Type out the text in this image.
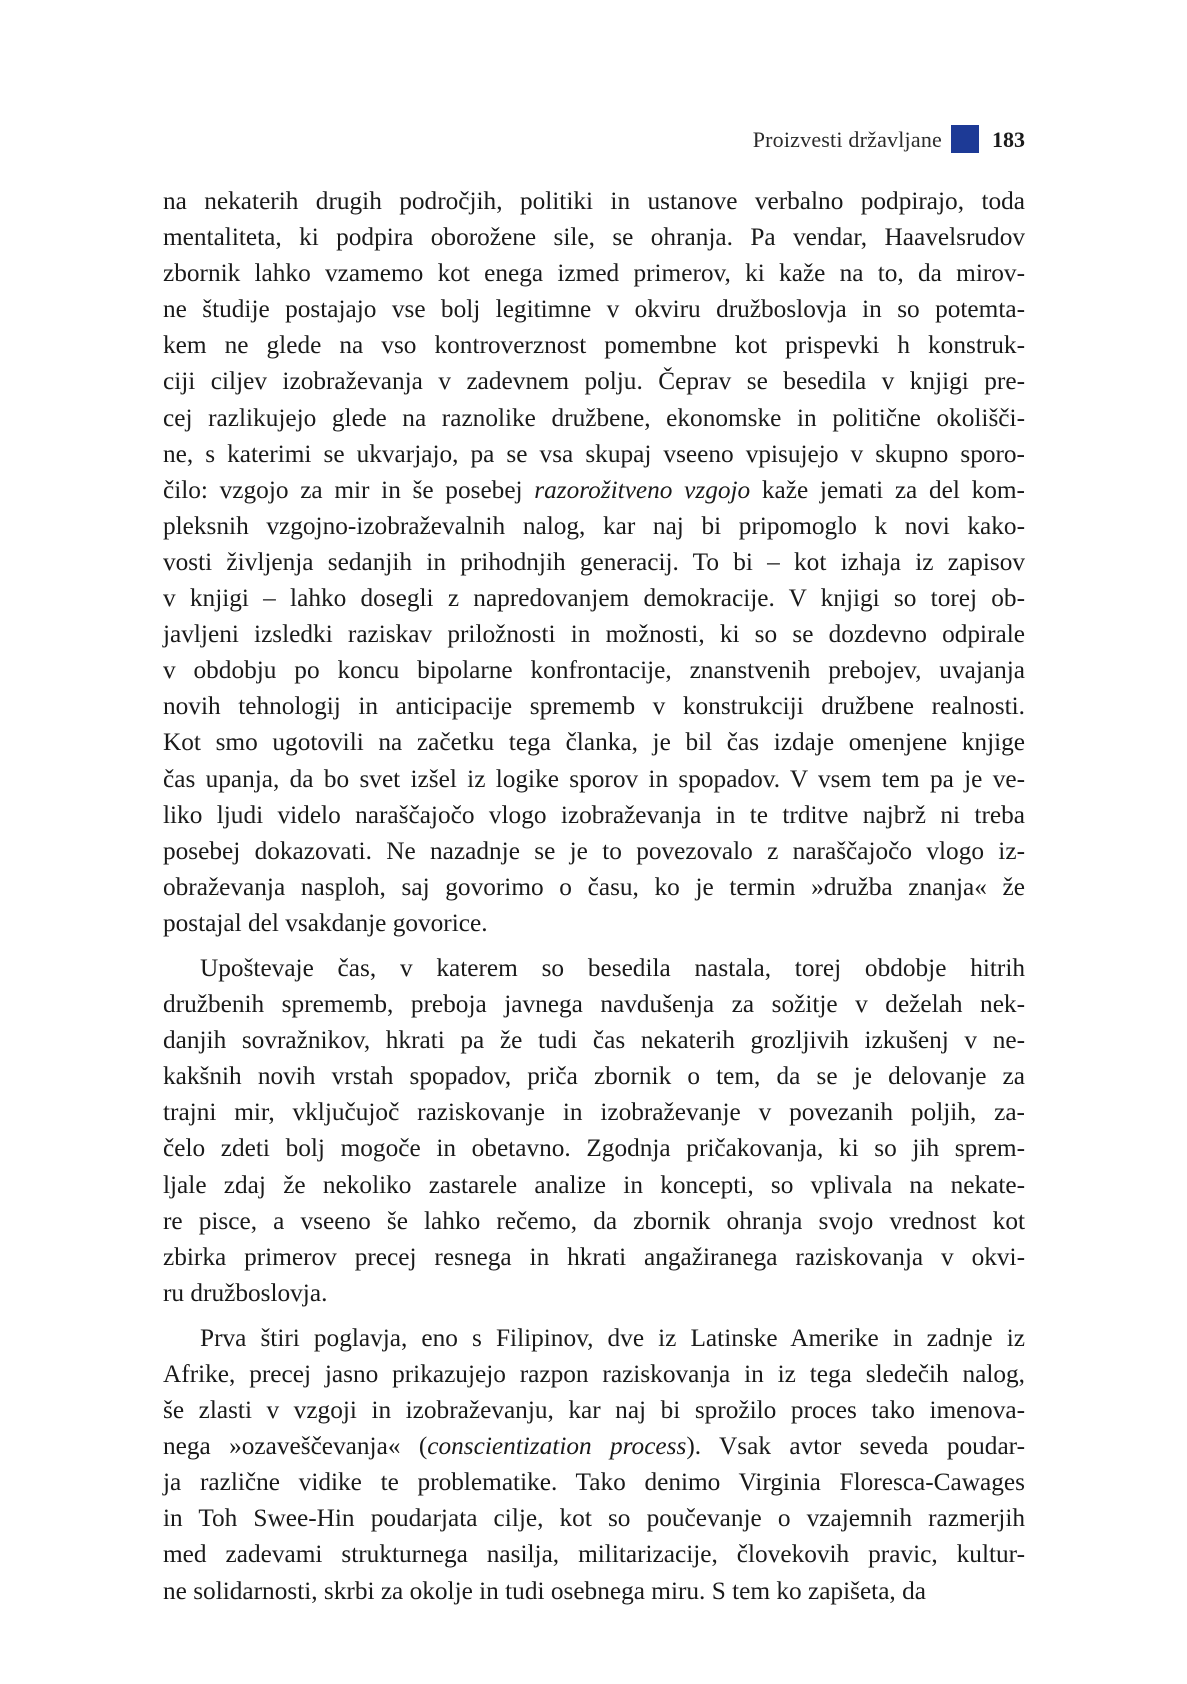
Proizvesti državljane 183
na nekaterih drugih področjih, politiki in ustanove verbalno podpirajo, toda
mentaliteta, ki podpira oborožene sile, se ohranja. Pa vendar, Haavelsrudov
zbornik lahko vzamemo kot enega izmed primerov, ki kaže na to, da mirov-
ne študije postajajo vse bolj legitimne v okviru družboslovja in so potemta-
kem ne glede na vso kontroverznost pomembne kot prispevki h konstruk-
ciji ciljev izobraževanja v zadevnem polju. Čeprav se besedila v knjigi pre-
cej razlikujejo glede na raznolike družbene, ekonomske in politične okolišči-
ne, s katerimi se ukvarjajo, pa se vsa skupaj vseeno vpisujejo v skupno sporo-
čilo: vzgojo za mir in še posebej razorožitveno vzgojo kaže jemati za del kom-
pleksnih vzgojno-izobraževalnih nalog, kar naj bi pripomoglo k novi kako-
vosti življenja sedanjih in prihodnjih generacij. To bi – kot izhaja iz zapisov
v knjigi – lahko dosegli z napredovanjem demokracije. V knjigi so torej ob-
javljeni izsledki raziskav priložnosti in možnosti, ki so se dozdevno odpirale
v obdobju po koncu bipolarne konfrontacije, znanstvenih prebojev, uvajanja
novih tehnologij in anticipacije sprememb v konstrukciji družbene realnosti.
Kot smo ugotovili na začetku tega članka, je bil čas izdaje omenjene knjige
čas upanja, da bo svet izšel iz logike sporov in spopadov. V vsem tem pa je ve-
liko ljudi videlo naraščajočo vlogo izobraževanja in te trditve najbrž ni treba
posebej dokazovati. Ne nazadnje se je to povezovalo z naraščajočo vlogo iz-
obraževanja nasploh, saj govorimo o času, ko je termin »družba znanja« že
postajal del vsakdanje govorice.
Upoštevaje čas, v katerem so besedila nastala, torej obdobje hitrih
družbenih sprememb, preboja javnega navdušenja za sožitje v deželah nek-
danjih sovražnikov, hkrati pa že tudi čas nekaterih grozljivih izkušenj v ne-
kakšnih novih vrstah spopadov, priča zbornik o tem, da se je delovanje za
trajni mir, vključujoč raziskovanje in izobraževanje v povezanih poljih, za-
čelo zdeti bolj mogoče in obetavno. Zgodnja pričakovanja, ki so jih sprem-
ljale zdaj že nekoliko zastarele analize in koncepti, so vplivala na nekate-
re pisce, a vseeno še lahko rečemo, da zbornik ohranja svojo vrednost kot
zbirka primerov precej resnega in hkrati angažiranega raziskovanja v okvi-
ru družboslovja.
Prva štiri poglavja, eno s Filipinov, dve iz Latinske Amerike in zadnje iz
Afrike, precej jasno prikazujejo razpon raziskovanja in iz tega sledečih nalog,
še zlasti v vzgoji in izobraževanju, kar naj bi sprožilo proces tako imenova-
nega »ozaveščevanja« (conscientization process). Vsak avtor seveda poudar-
ja različne vidike te problematike. Tako denimo Virginia Floresca-Cawages
in Toh Swee-Hin poudarjata cilje, kot so poučevanje o vzajemnih razmerjih
med zadevami strukturnega nasilja, militarizacije, človekovih pravic, kultur-
ne solidarnosti, skrbi za okolje in tudi osebnega miru. S tem ko zapišeta, da
